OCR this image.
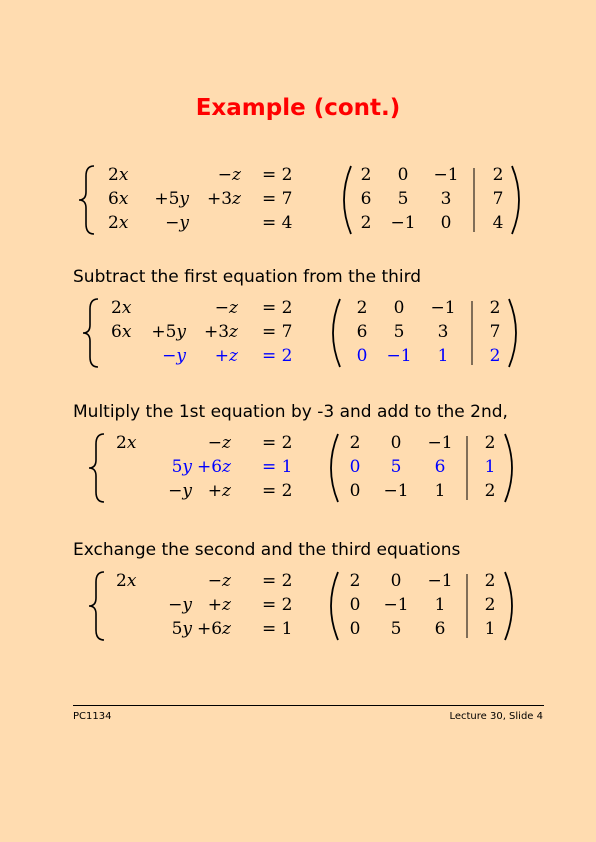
Example (cont.)
Subtract the first equation from the third
Multiply the 1st equation by -3 and add to the 2nd,
Exchange the second and the third equations
2x	−z = 2
6x +5y +3z = 7
2x −y	= 4
2 0 −1 2
6 5 3 7
2 −1 0 4
2x	−z = 2
6x +5y +3z = 7
−y +z = 2
2 0 −1 2
6 5 3 7
0 −1 1 2
2x	−z = 2
5y +6z = 1
−y +z = 2
2 0 −1 2
0 5 6 1
0 −1 1 2
2x	−z = 2
−y +z = 2
5y +6z = 1
2 0 −1 2
0 −1 1 2
0 5 6 1
PC1134	Lecture 30, Slide 4
